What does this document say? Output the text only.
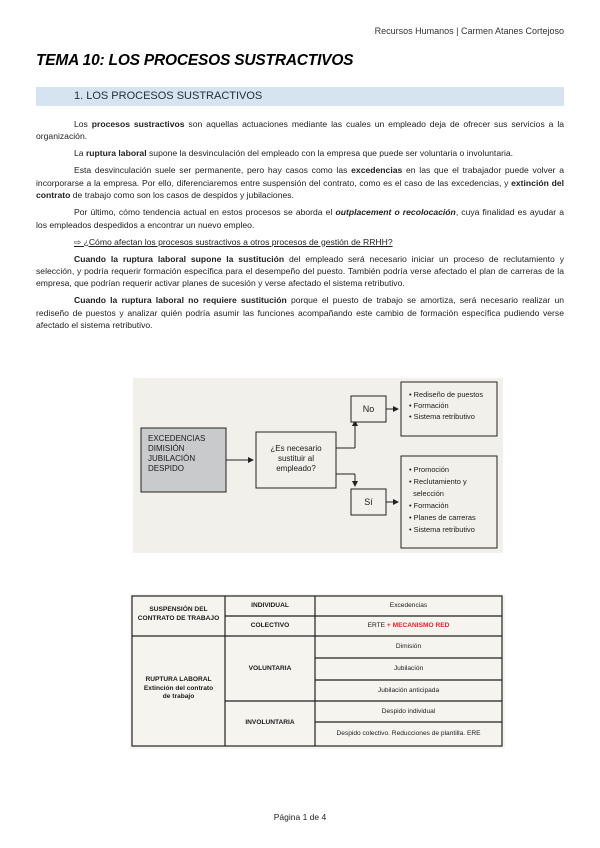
Recursos Humanos | Carmen Atanes Cortejoso
TEMA 10: LOS PROCESOS SUSTRACTIVOS
1. LOS PROCESOS SUSTRACTIVOS

Los procesos sustractivos son aquellas actuaciones mediante las cuales un empleado deja de ofrecer sus servicios a la organización.

La ruptura laboral supone la desvinculación del empleado con la empresa que puede ser voluntaria o involuntaria.

Esta desvinculación suele ser permanente, pero hay casos como las excedencias en las que el trabajador puede volver a incorporarse a la empresa. Por ello, diferenciaremos entre suspensión del contrato, como es el caso de las excedencias, y extinción del contrato de trabajo como son los casos de despidos y jubilaciones.

Por último, cómo tendencia actual en estos procesos se aborda el outplacement o recolocación, cuya finalidad es ayudar a los empleados despedidos a encontrar un nuevo empleo.

⇨ ¿Cómo afectan los procesos sustractivos a otros procesos de gestión de RRHH?

Cuando la ruptura laboral supone la sustitución del empleado será necesario iniciar un proceso de reclutamiento y selección, y podría requerir formación específica para el desempeño del puesto. También podría verse afectado el plan de carreras de la empresa, que podrían requerir activar planes de sucesión y verse afectado el sistema retributivo.

Cuando la ruptura laboral no requiere sustitución porque el puesto de trabajo se amortiza, será necesario realizar un rediseño de puestos y analizar quién podría asumir las funciones acompañando este cambio de formación específica pudiendo verse afectado el sistema retributivo.

EXCEDENCIAS
DIMISIÓN
JUBILACIÓN
DESPIDO
¿Es necesario
sustituir al
empleado?
No
Sí
• Rediseño de puestos
• Formación
• Sistema retributivo
• Promoción
• Reclutamiento y
selección
• Formación
• Planes de carreras
• Sistema retributivo
SUSPENSIÓN DEL
CONTRATO DE TRABAJO
INDIVIDUAL
COLECTIVO
Excedencias
ERTE + MECANISMO RED
RUPTURA LABORAL
Extinción del contrato
de trabajo
VOLUNTARIA
INVOLUNTARIA
Dimisión
Jubilación
Jubilación anticipada
Despido individual
Despido colectivo. Reducciones de plantilla. ERE
Página 1 de 4
